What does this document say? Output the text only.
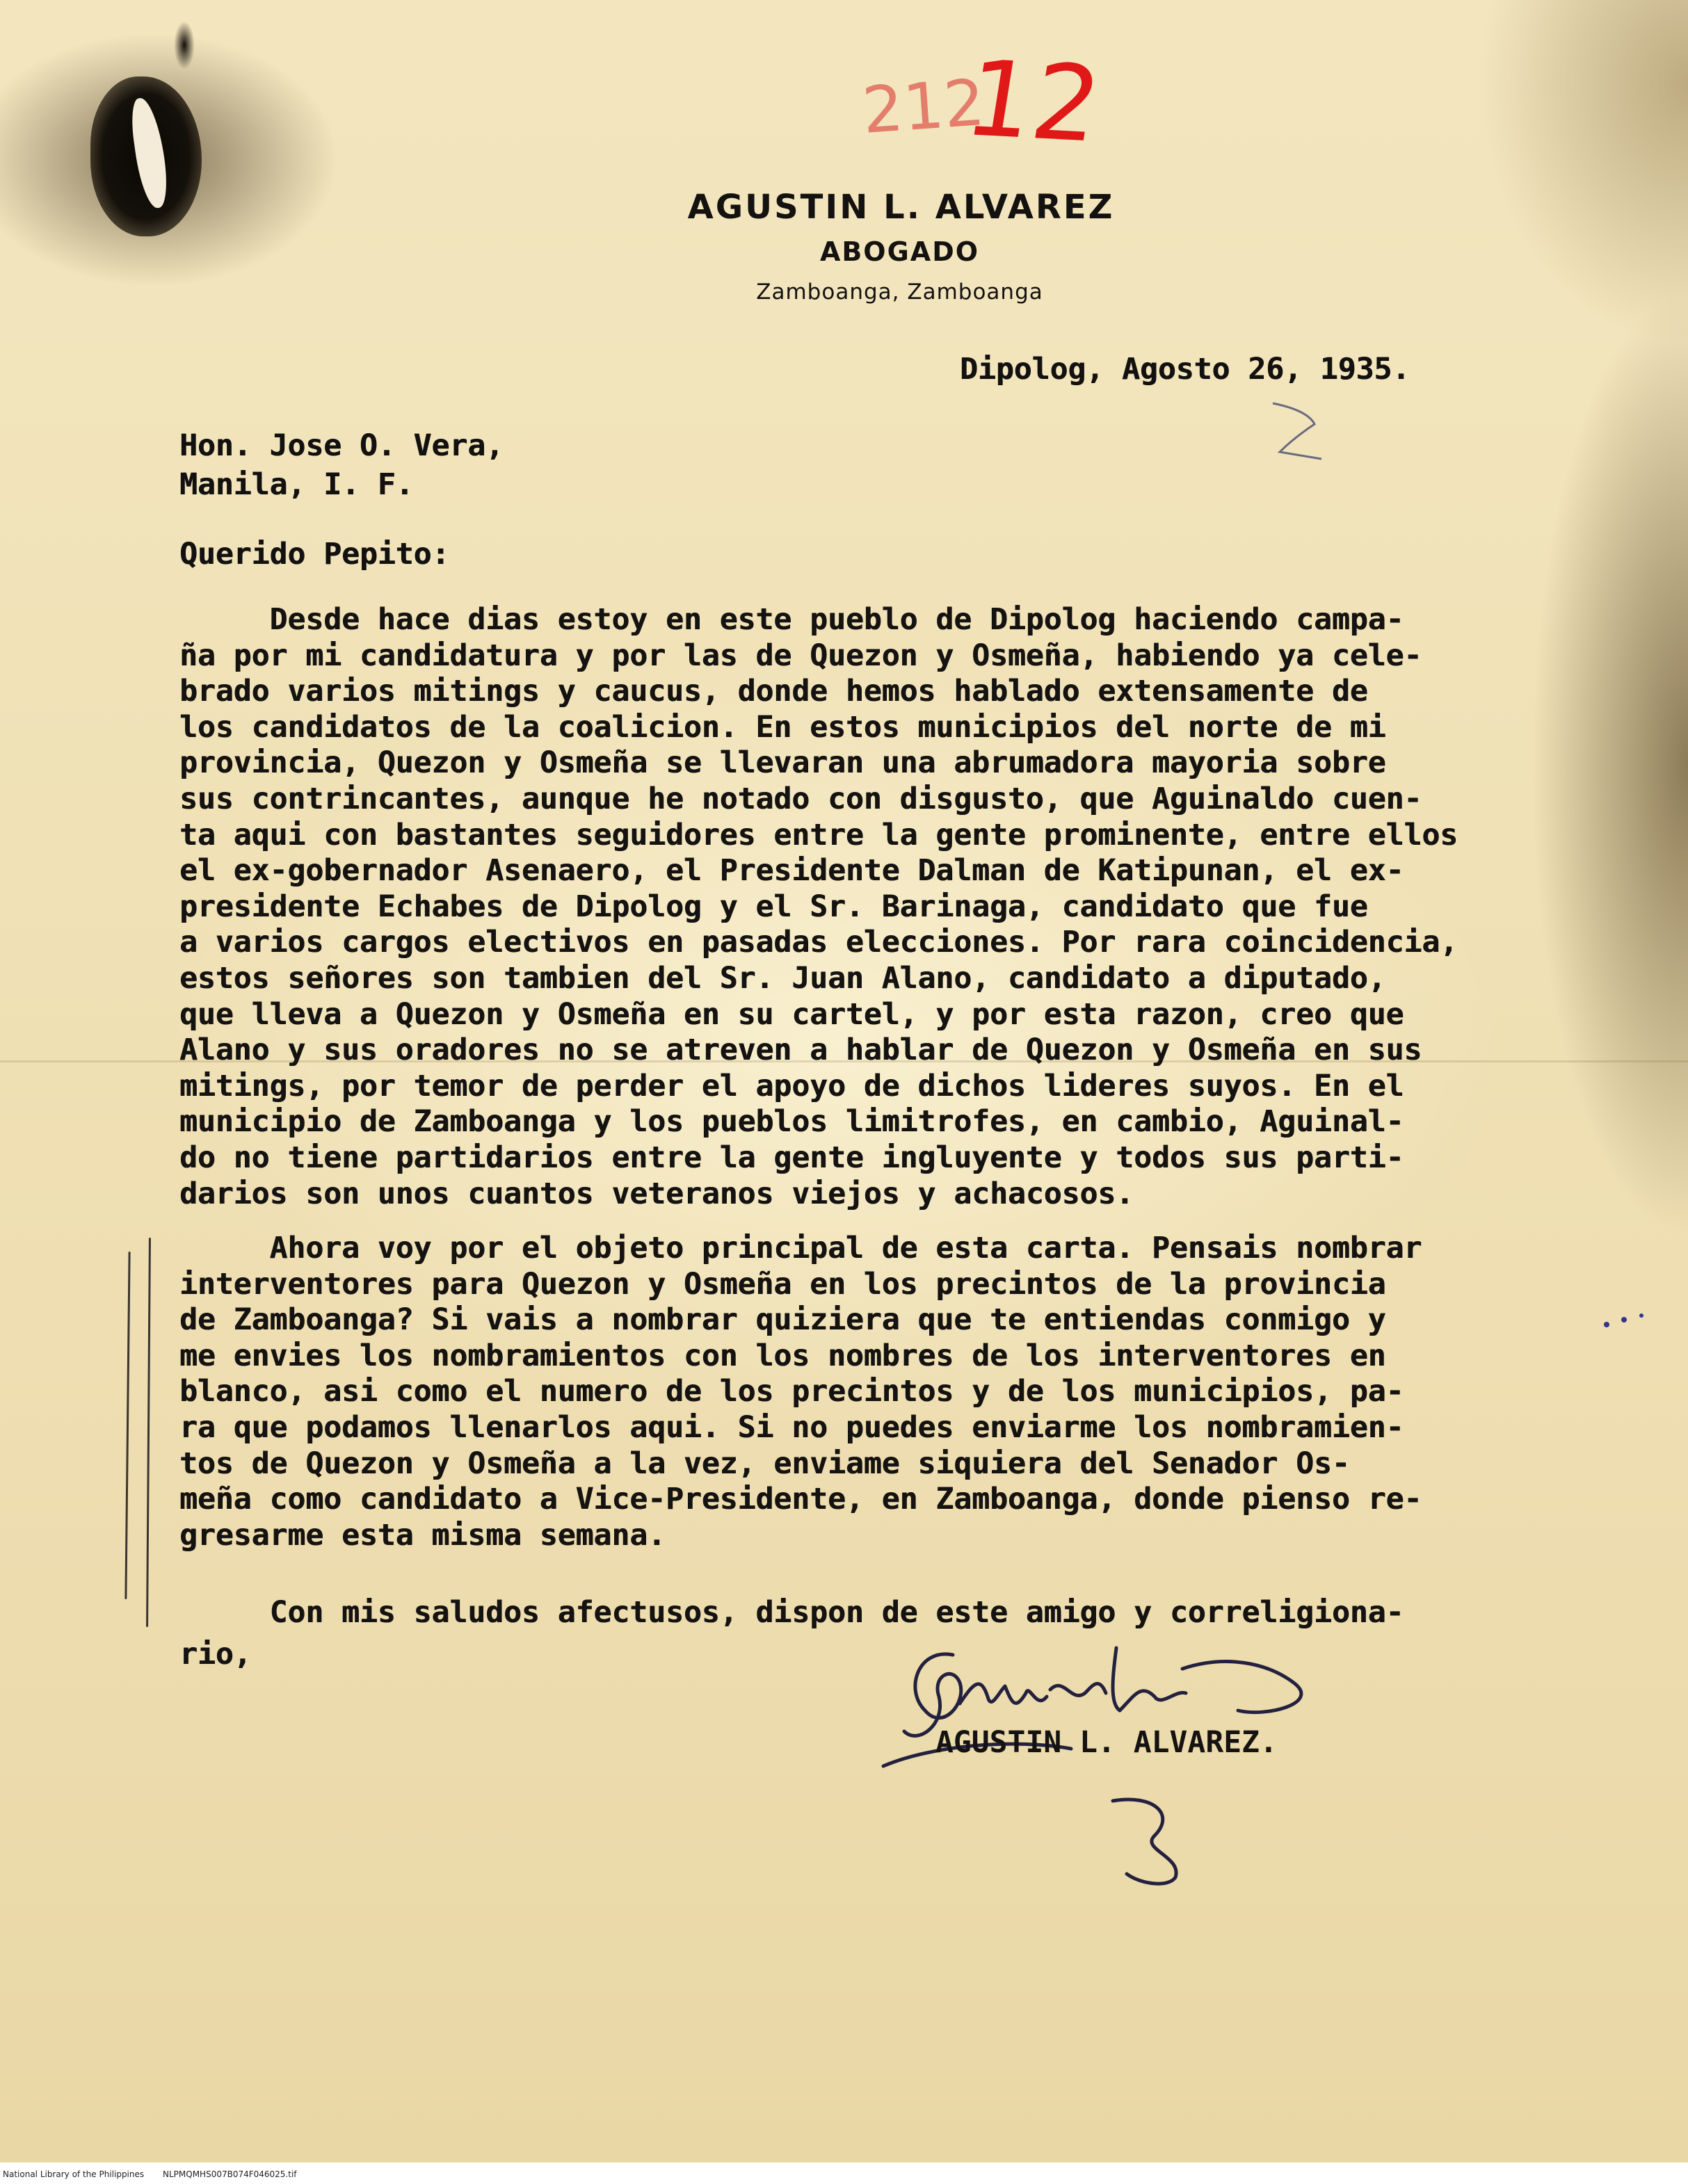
212
12
AGUSTIN L. ALVAREZ
ABOGADO
Zamboanga, Zamboanga
Dipolog, Agosto 26, 1935.
Hon. Jose O. Vera,
Manila, I. F.
Querido Pepito:
Desde hace dias estoy en este pueblo de Dipolog haciendo campa-
ña por mi candidatura y por las de Quezon y Osmeña, habiendo ya cele-
brado varios mitings y caucus, donde hemos hablado extensamente de
los candidatos de la coalicion. En estos municipios del norte de mi
provincia, Quezon y Osmeña se llevaran una abrumadora mayoria sobre
sus contrincantes, aunque he notado con disgusto, que Aguinaldo cuen-
ta aqui con bastantes seguidores entre la gente prominente, entre ellos
el ex-gobernador Asenaero, el Presidente Dalman de Katipunan, el ex-
presidente Echabes de Dipolog y el Sr. Barinaga, candidato que fue
a varios cargos electivos en pasadas elecciones. Por rara coincidencia,
estos señores son tambien del Sr. Juan Alano, candidato a diputado,
que lleva a Quezon y Osmeña en su cartel, y por esta razon, creo que
Alano y sus oradores no se atreven a hablar de Quezon y Osmeña en sus
mitings, por temor de perder el apoyo de dichos lideres suyos. En el
municipio de Zamboanga y los pueblos limitrofes, en cambio, Aguinal-
do no tiene partidarios entre la gente ingluyente y todos sus parti-
darios son unos cuantos veteranos viejos y achacosos.
Ahora voy por el objeto principal de esta carta. Pensais nombrar
interventores para Quezon y Osmeña en los precintos de la provincia
de Zamboanga? Si vais a nombrar quiziera que te entiendas conmigo y
me envies los nombramientos con los nombres de los interventores en
blanco, asi como el numero de los precintos y de los municipios, pa-
ra que podamos llenarlos aqui. Si no puedes enviarme los nombramien-
tos de Quezon y Osmeña a la vez, enviame siquiera del Senador Os-
meña como candidato a Vice-Presidente, en Zamboanga, donde pienso re-
gresarme esta misma semana.
Con mis saludos afectusos, dispon de este amigo y correligiona-
rio,
AGUSTIN L. ALVAREZ.
National Library of the Philippines NLPMQMHS007B074F046025.tif
